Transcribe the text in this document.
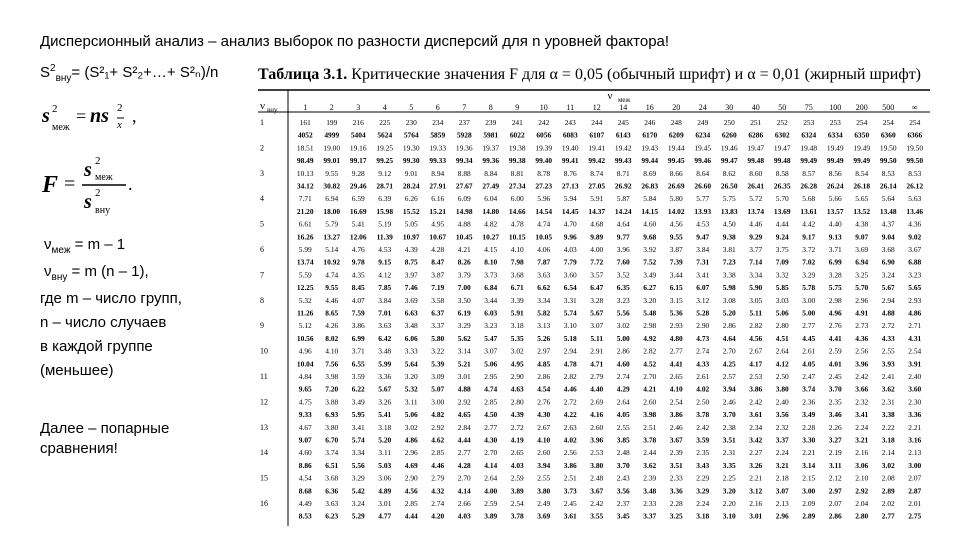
Дисперсионный анализ – анализ выборок по разности дисперсий для n уровней фактора!
$S^2_{вну}= (S^2_1+$ S²₂+…+ S²ₙ)/n
s 2
меж
= ns 2
x ,
F =
s 2
меж
s 2
вну
.
$\nu_{меж} = m - 1$
$\nu_{вну} = m$ (n – 1),
где m – число групп,
n – число случаев
в каждой группе
(меньшее)
Далее – попарные
сравнения!
Таблица 3.1. Критические значения F для α = 0,05 (обычный шрифт) и α = 0,01 (жирный шрифт)
ν меж
ν вну	1	2	3	4	5	6	7	8	9	10 11 12 14 16 20 24 30 40 50 75 100 200 500 ∞
1	161 199 216 225 230 234 237 239 241 242 243 244 245 246 248 249 250 251 252 253 253 254 254 254
4052 4999 5404 5624 5764 5859 5928 5981 6022 6056 6083 6107 6143 6170 6209 6234 6260 6286 6302 6324 6334 6350 6360 6366
2	18.51 19.00 19.16 19.25 19.30 19.33 19.36 19.37 19.38 19.39 19.40 19.41 19.42 19.43 19.44 19.45 19.46 19.47 19.47 19.48 19.49 19.49 19.50 19.50
98.49 99.01 99.17 99.25 99.30 99.33 99.34 99.36 99.38 99.40 99.41 99.42 99.43 99.44 99.45 99.46 99.47 99.48 99.48 99.49 99.49 99.49 99.50 99.50
3	10.13 9.55 9.28 9.12 9.01 8.94 8.88 8.84 8.81 8.78 8.76 8.74 8.71 8.69 8.66 8.64 8.62 8.60 8.58 8.57 8.56 8.54 8.53 8.53
34.12 30.82 29.46 28.71 28.24 27.91 27.67 27.49 27.34 27.23 27.13 27.05 26.92 26.83 26.69 26.60 26.50 26.41 26.35 26.28 26.24 26.18 26.14 26.12
4	7.71 6.94 6.59 6.39 6.26 6.16 6.09 6.04 6.00 5.96 5.94 5.91 5.87 5.84 5.80 5.77 5.75 5.72 5.70 5.68 5.66 5.65 5.64 5.63
21.20 18.00 16.69 15.98 15.52 15.21 14.98 14.80 14.66 14.54 14.45 14.37 14.24 14.15 14.02 13.93 13.83 13.74 13.69 13.61 13.57 13.52 13.48 13.46
5	6.61 5.79 5.41 5.19 5.05 4.95 4.88 4.82 4.78 4.74 4.70 4.68 4.64 4.60 4.56 4.53 4.50 4.46 4.44 4.42 4.40 4.38 4.37 4.36
16.26 13.27 12.06 11.39 10.97 10.67 10.45 10.27 10.15 10.05 9.96 9.89 9.77 9.68 9.55 9.47 9.38 9.29 9.24 9.17 9.13 9.07 9.04 9.02
6	5.99 5.14 4.76 4.53 4.39 4.28 4.21 4.15 4.10 4.06 4.03 4.00 3.96 3.92 3.87 3.84 3.81 3.77 3.75 3.72 3.71 3.69 3.68 3.67
13.74 10.92 9.78 9.15 8.75 8.47 8.26 8.10 7.98 7.87 7.79 7.72 7.60 7.52 7.39 7.31 7.23 7.14 7.09 7.02 6.99 6.94 6.90 6.88
7	5.59 4.74 4.35 4.12 3.97 3.87 3.79 3.73 3.68 3.63 3.60 3.57 3.52 3.49 3.44 3.41 3.38 3.34 3.32 3.29 3.28 3.25 3.24 3.23
12.25 9.55 8.45 7.85 7.46 7.19 7.00 6.84 6.71 6.62 6.54 6.47 6.35 6.27 6.15 6.07 5.98 5.90 5.85 5.78 5.75 5.70 5.67 5.65
8	5.32 4.46 4.07 3.84 3.69 3.58 3.50 3.44 3.39 3.34 3.31 3.28 3.23 3.20 3.15 3.12 3.08 3.05 3.03 3.00 2.98 2.96 2.94 2.93
11.26 8.65 7.59 7.01 6.63 6.37 6.19 6.03 5.91 5.82 5.74 5.67 5.56 5.48 5.36 5.28 5.20 5.11 5.06 5.00 4.96 4.91 4.88 4.86
9	5.12 4.26 3.86 3.63 3.48 3.37 3.29 3.23 3.18 3.13 3.10 3.07 3.02 2.98 2.93 2.90 2.86 2.82 2.80 2.77 2.76 2.73 2.72 2.71
10.56 8.02 6.99 6.42 6.06 5.80 5.62 5.47 5.35 5.26 5.18 5.11 5.00 4.92 4.80 4.73 4.64 4.56 4.51 4.45 4.41 4.36 4.33 4.31
10	4.96 4.10 3.71 3.48 3.33 3.22 3.14 3.07 3.02 2.97 2.94 2.91 2.86 2.82 2.77 2.74 2.70 2.67 2.64 2.61 2.59 2.56 2.55 2.54
10.04 7.56 6.55 5.99 5.64 5.39 5.21 5.06 4.95 4.85 4.78 4.71 4.60 4.52 4.41 4.33 4.25 4.17 4.12 4.05 4.01 3.96 3.93 3.91
11	4.84 3.98 3.59 3.36 3.20 3.09 3.01 2.95 2.90 2.86 2.82 2.79 2.74 2.70 2.65 2.61 2.57 2.53 2.50 2.47 2.45 2.42 2.41 2.40
9.65 7.20 6.22 5.67 5.32 5.07 4.88 4.74 4.63 4.54 4.46 4.40 4.29 4.21 4.10 4.02 3.94 3.86 3.80 3.74 3.70 3.66 3.62 3.60
12	4.75 3.88 3.49 3.26 3.11 3.00 2.92 2.85 2.80 2.76 2.72 2.69 2.64 2.60 2.54 2.50 2.46 2.42 2.40 2.36 2.35 2.32 2.31 2.30
9.33 6.93 5.95 5.41 5.06 4.82 4.65 4.50 4.39 4.30 4.22 4.16 4.05 3.98 3.86 3.78 3.70 3.61 3.56 3.49 3.46 3.41 3.38 3.36
13	4.67 3.80 3.41 3.18 3.02 2.92 2.84 2.77 2.72 2.67 2.63 2.60 2.55 2.51 2.46 2.42 2.38 2.34 2.32 2.28 2.26 2.24 2.22 2.21
9.07 6.70 5.74 5.20 4.86 4.62 4.44 4.30 4.19 4.10 4.02 3.96 3.85 3.78 3.67 3.59 3.51 3.42 3.37 3.30 3.27 3.21 3.18 3.16
14	4.60 3.74 3.34 3.11 2.96 2.85 2.77 2.70 2.65 2.60 2.56 2.53 2.48 2.44 2.39 2.35 2.31 2.27 2.24 2.21 2.19 2.16 2.14 2.13
8.86 6.51 5.56 5.03 4.69 4.46 4.28 4.14 4.03 3.94 3.86 3.80 3.70 3.62 3.51 3.43 3.35 3.26 3.21 3.14 3.11 3.06 3.02 3.00
15	4.54 3.68 3.29 3.06 2.90 2.79 2.70 2.64 2.59 2.55 2.51 2.48 2.43 2.39 2.33 2.29 2.25 2.21 2.18 2.15 2.12 2.10 2.08 2.07
8.68 6.36 5.42 4.89 4.56 4.32 4.14 4.00 3.89 3.80 3.73 3.67 3.56 3.48 3.36 3.29 3.20 3.12 3.07 3.00 2.97 2.92 2.89 2.87
16	4.49 3.63 3.24 3.01 2.85 2.74 2.66 2.59 2.54 2.49 2.45 2.42 2.37 2.33 2.28 2.24 2.20 2.16 2.13 2.09 2.07 2.04 2.02 2.01
8.53 6.23 5.29 4.77 4.44 4.20 4.03 3.89 3.78 3.69 3.61 3.55 3.45 3.37 3.25 3.18 3.10 3.01 2.96 2.89 2.86 2.80 2.77 2.75
